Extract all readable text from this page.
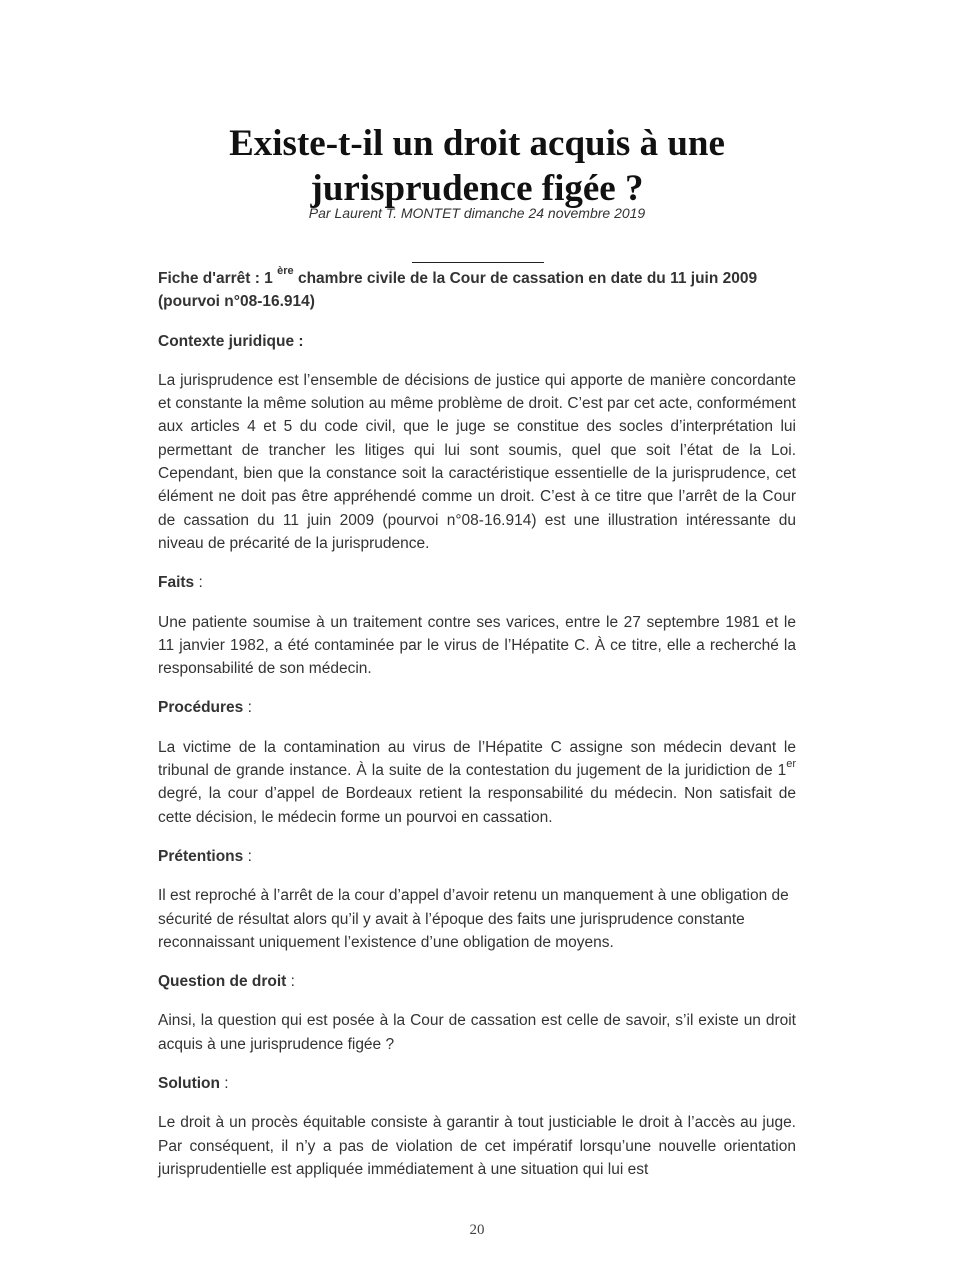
Existe-t-il un droit acquis à une
jurisprudence figée ?
Par Laurent T. MONTET dimanche 24 novembre 2019

Fiche d'arrêt : 1 $^{ère}$ chambre civile de la Cour de cassation en date du 11 juin 2009 (pourvoi n°08-16.914)

Contexte juridique :

La jurisprudence est l’ensemble de décisions de justice qui apporte de manière concordante et constante la même solution au même problème de droit. C’est par cet acte, conformément aux articles 4 et 5 du code civil, que le juge se constitue des socles d’interprétation lui permettant de trancher les litiges qui lui sont soumis, quel que soit l’état de la Loi. Cependant, bien que la constance soit la caractéristique essentielle de la jurisprudence, cet élément ne doit pas être appréhendé comme un droit. C’est à ce titre que l’arrêt de la Cour de cassation du 11 juin 2009 (pourvoi n°08-16.914) est une illustration intéressante du niveau de précarité de la jurisprudence.

Faits :

Une patiente soumise à un traitement contre ses varices, entre le 27 septembre 1981 et le 11 janvier 1982, a été contaminée par le virus de l’Hépatite C. À ce titre, elle a recherché la responsabilité de son médecin.

Procédures :

La victime de la contamination au virus de l’Hépatite C assigne son médecin devant le tribunal de grande instance. À la suite de la contestation du jugement de la juridiction de 1er degré, la cour d’appel de Bordeaux retient la responsabilité du médecin. Non satisfait de cette décision, le médecin forme un pourvoi en cassation.

Prétentions :

Il est reproché à l’arrêt de la cour d’appel d’avoir retenu un manquement à une obligation de sécurité de résultat alors qu’il y avait à l’époque des faits une jurisprudence constante reconnaissant uniquement l’existence d’une obligation de moyens.

Question de droit :

Ainsi, la question qui est posée à la Cour de cassation est celle de savoir, s’il existe un droit acquis à une jurisprudence figée ?

Solution :

Le droit à un procès équitable consiste à garantir à tout justiciable le droit à l’accès au juge. Par conséquent, il n’y a pas de violation de cet impératif lorsqu’une nouvelle orientation jurisprudentielle est appliquée immédiatement à une situation qui lui est

20
